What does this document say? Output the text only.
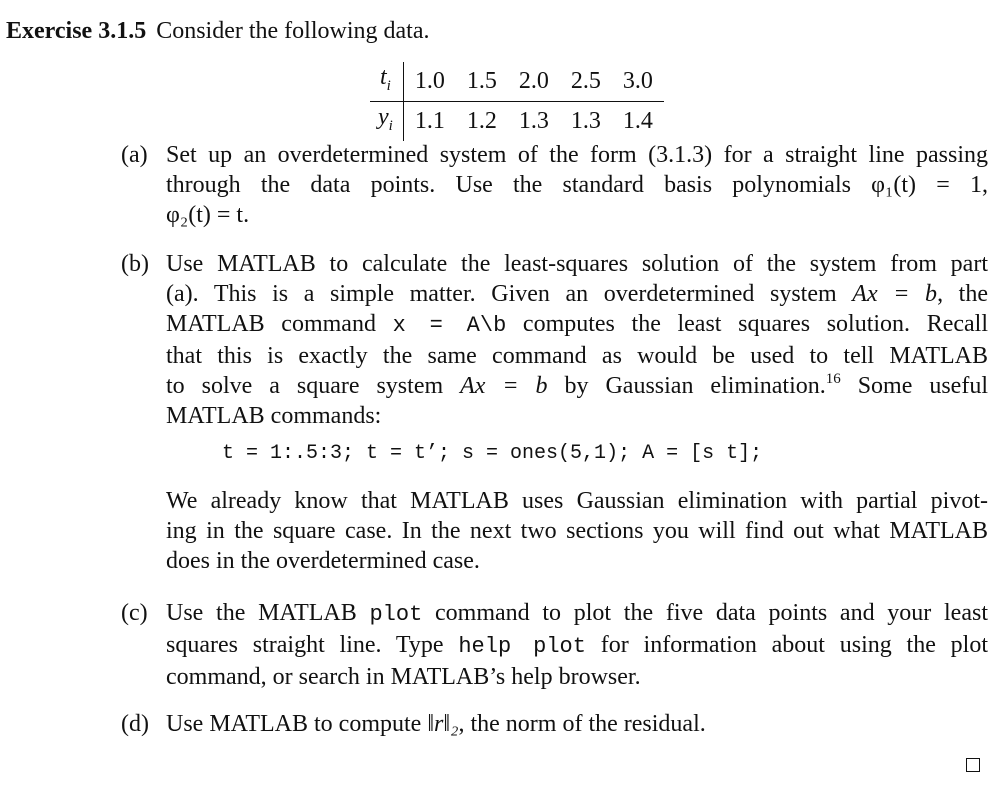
Exercise 3.1.5 Consider the following data.
$t_i$	1.0	1.5	2.0	2.5	3.0
$y_i$	1.1	1.2	1.3	1.3	1.4
(a) Set up an overdetermined system of the form (3.1.3) for a straight line passing
through the data points. Use the standard basis polynomials φ₁(t) = 1,
φ₂(t) = t.
(b) Use MATLAB to calculate the least-squares solution of the system from part
(a). This is a simple matter. Given an overdetermined system Ax = b, the
MATLAB command x = A\b computes the least squares solution. Recall
that this is exactly the same command as would be used to tell MATLAB
to solve a square system Ax = b by Gaussian elimination.$^{16}$ Some useful
MATLAB commands:
t = 1:.5:3; t = t’; s = ones(5,1); A = [s t];
We already know that MATLAB uses Gaussian elimination with partial pivot-
ing in the square case. In the next two sections you will find out what MATLAB
does in the overdetermined case.
(c) Use the MATLAB plot command to plot the five data points and your least
squares straight line. Type help plot for information about using the plot
command, or search in MATLAB’s help browser.
(d) Use MATLAB to compute ‖r‖₂, the norm of the residual.
